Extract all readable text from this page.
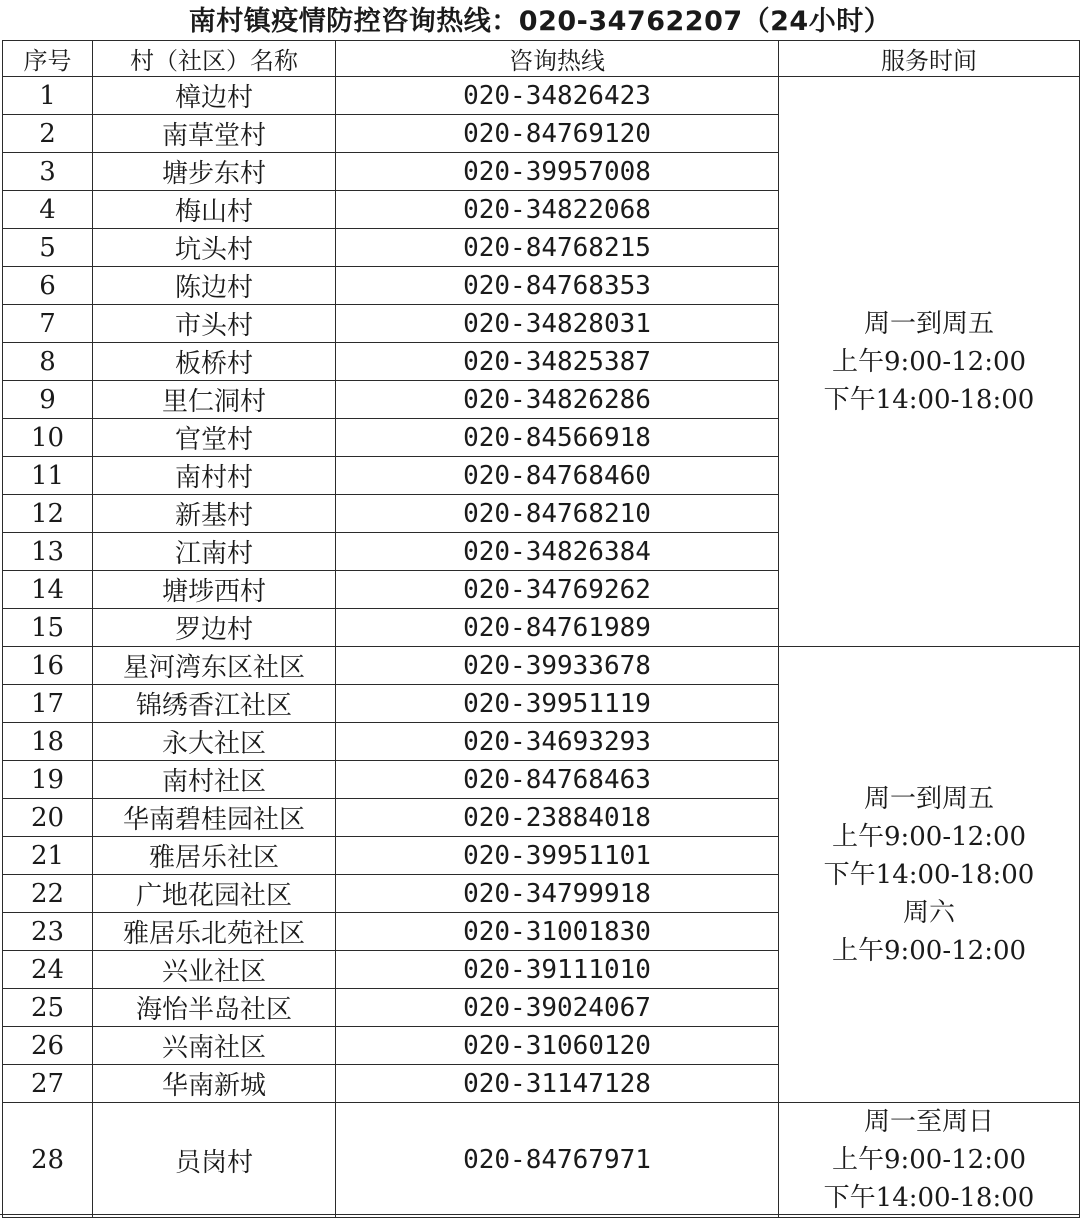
南村镇疫情防控咨询热线：020-34762207（24小时）
序号	村（社区）名称	咨询热线	服务时间
1	樟边村	020-34826423	周一到周五
上午9:00-12:00
下午14:00-18:00

2	南草堂村	020-84769120	
3	塘步东村	020-39957008	
4	梅山村	020-34822068	
5	坑头村	020-84768215	
6	陈边村	020-84768353	
7	市头村	020-34828031	
8	板桥村	020-34825387	
9	里仁洞村	020-34826286	
10	官堂村	020-84566918	
11	南村村	020-84768460	
12	新基村	020-84768210	
13	江南村	020-34826384	
14	塘埗西村	020-34769262	
15	罗边村	020-84761989	
16	星河湾东区社区	020-39933678	周一到周五
上午9:00-12:00
下午14:00-18:00
周六
上午9:00-12:00

17	锦绣香江社区	020-39951119	
18	永大社区	020-34693293	
19	南村社区	020-84768463	
20	华南碧桂园社区	020-23884018	
21	雅居乐社区	020-39951101	
22	广地花园社区	020-34799918	
23	雅居乐北苑社区	020-31001830	
24	兴业社区	020-39111010	
25	海怡半岛社区	020-39024067	
26	兴南社区	020-31060120	
27	华南新城	020-31147128	
28	员岗村	020-84767971	周一至周日
上午9:00-12:00
下午14:00-18:00
